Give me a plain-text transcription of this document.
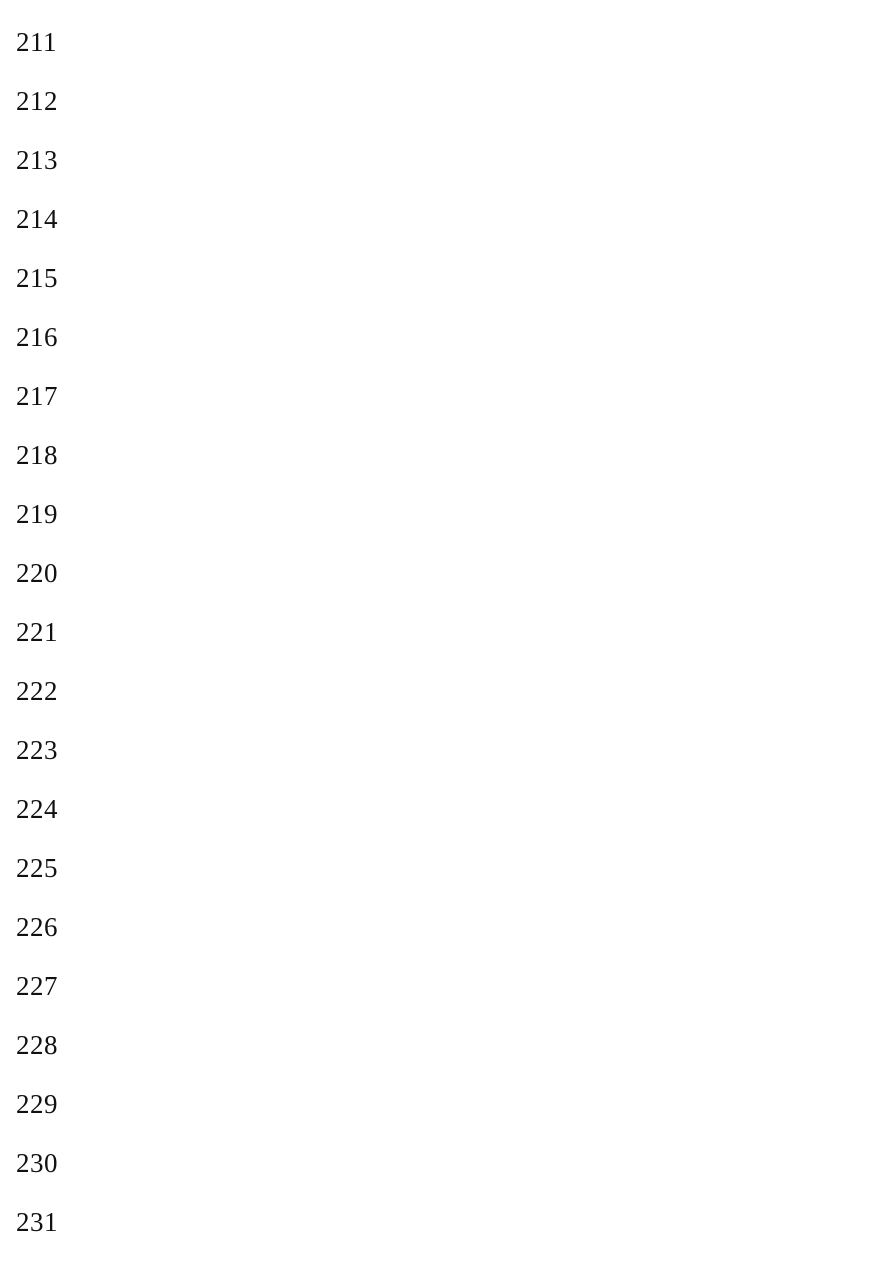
211
212
213
214
215
216
217
218
219
220
221
222
223
224
225
226
227
228
229
230
231
